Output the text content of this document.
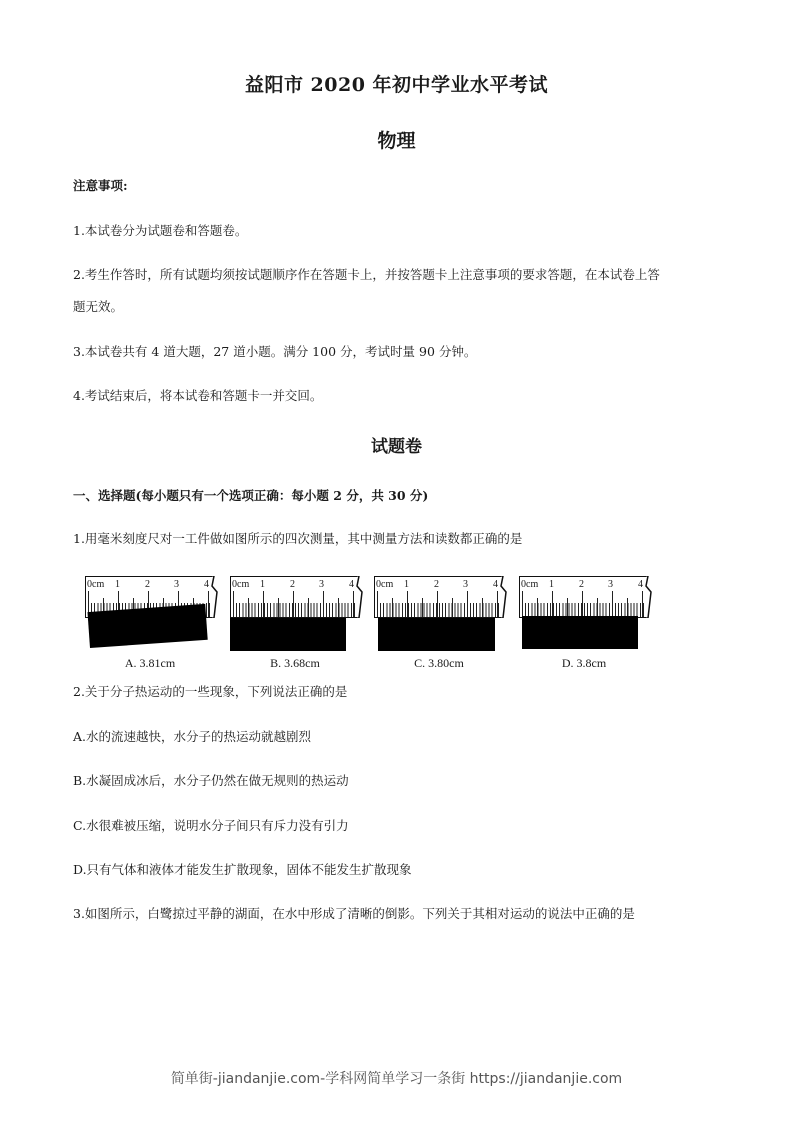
益阳市 2020 年初中学业水平考试
物理
注意事项:
1.本试卷分为试题卷和答题卷。
2.考生作答时，所有试题均须按试题顺序作在答题卡上，并按答题卡上注意事项的要求答题，在本试卷上答
题无效。
3.本试卷共有 4 道大题，27 道小题。满分 100 分，考试时量 90 分钟。
4.考试结束后，将本试卷和答题卡一并交回。
试题卷
一、选择题(每小题只有一个选项正确：每小题 2 分，共 30 分)
1.用毫米刻度尺对一工件做如图所示的四次测量，其中测量方法和读数都正确的是
0cm 1	2 3	4
A. 3.81cm
0cm 1	2 3	4
B. 3.68cm
0cm 1	2 3	4
C. 3.80cm
0cm 1	2 3	4
D. 3.8cm
2.关于分子热运动的一些现象，下列说法正确的是
A.水的流速越快，水分子的热运动就越剧烈
B.水凝固成冰后，水分子仍然在做无规则的热运动
C.水很难被压缩，说明水分子间只有斥力没有引力
D.只有气体和液体才能发生扩散现象，固体不能发生扩散现象
3.如图所示，白鹭掠过平静的湖面，在水中形成了清晰的倒影。下列关于其相对运动的说法中正确的是
简单街-jiandanjie.com-学科网简单学习一条街 https://jiandanjie.com
